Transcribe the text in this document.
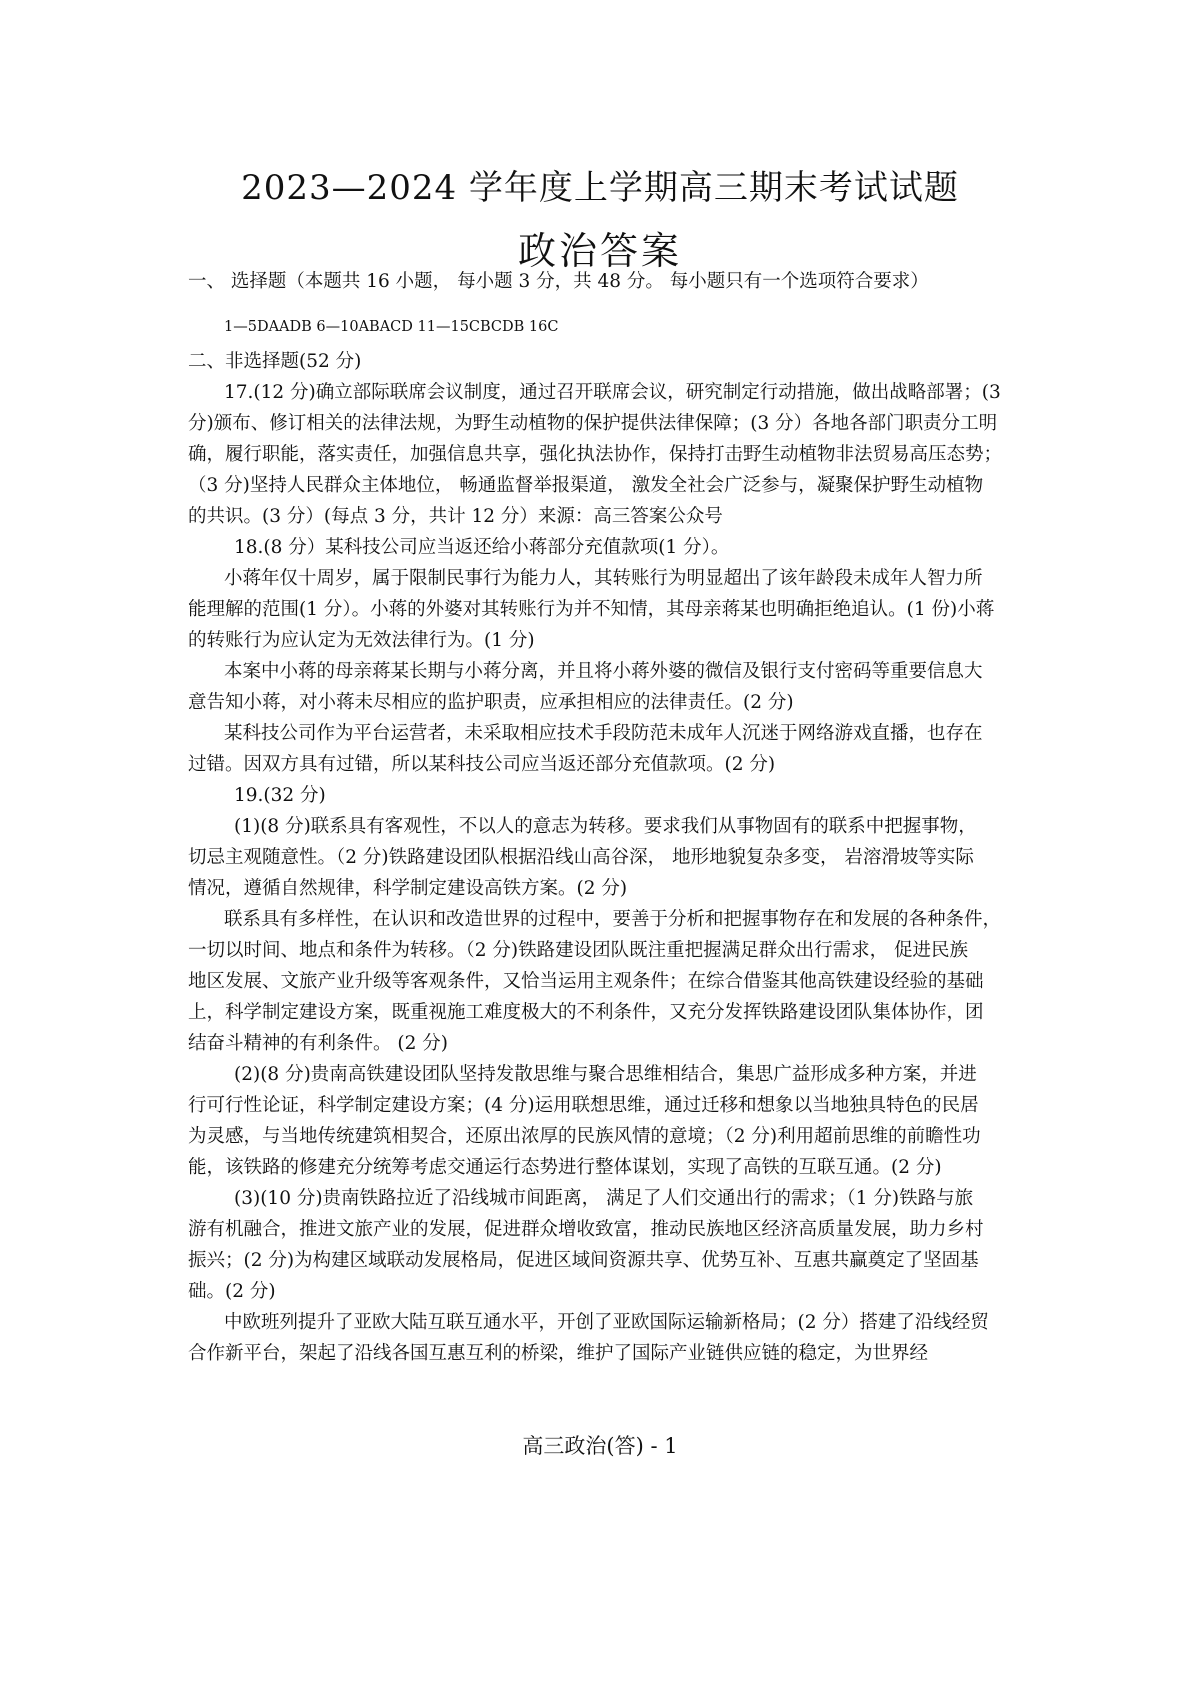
2023—2024 学年度上学期高三期末考试试题
政治答案
一、 选择题（本题共 16 小题， 每小题 3 分，共 48 分。 每小题只有一个选项符合要求）
1—5DAADB 6—10ABACD 11—15CBCDB 16C
二、非选择题(52 分)
17.(12 分)确立部际联席会议制度，通过召开联席会议，研究制定行动措施，做出战略部署；(3
分)颁布、修订相关的法律法规，为野生动植物的保护提供法律保障；(3 分）各地各部门职责分工明
确，履行职能，落实责任，加强信息共享，强化执法协作，保持打击野生动植物非法贸易高压态势；
（3 分)坚持人民群众主体地位， 畅通监督举报渠道， 激发全社会广泛参与，凝聚保护野生动植物
的共识。(3 分）(每点 3 分，共计 12 分）来源：高三答案公众号
18.(8 分）某科技公司应当返还给小蒋部分充值款项(1 分）。
小蒋年仅十周岁，属于限制民事行为能力人，其转账行为明显超出了该年龄段未成年人智力所
能理解的范围(1 分）。小蒋的外婆对其转账行为并不知情，其母亲蒋某也明确拒绝追认。(1 份)小蒋
的转账行为应认定为无效法律行为。(1 分)
本案中小蒋的母亲蒋某长期与小蒋分离，并且将小蒋外婆的微信及银行支付密码等重要信息大
意告知小蒋，对小蒋未尽相应的监护职责，应承担相应的法律责任。(2 分)
某科技公司作为平台运营者，未采取相应技术手段防范未成年人沉迷于网络游戏直播，也存在
过错。因双方具有过错，所以某科技公司应当返还部分充值款项。(2 分)
19.(32 分)
(1)(8 分)联系具有客观性，不以人的意志为转移。要求我们从事物固有的联系中把握事物，
切忌主观随意性。（2 分)铁路建设团队根据沿线山高谷深， 地形地貌复杂多变， 岩溶滑坡等实际
情况，遵循自然规律，科学制定建设高铁方案。(2 分)
联系具有多样性，在认识和改造世界的过程中，要善于分析和把握事物存在和发展的各种条件，
一切以时间、地点和条件为转移。（2 分)铁路建设团队既注重把握满足群众出行需求， 促进民族
地区发展、文旅产业升级等客观条件，又恰当运用主观条件；在综合借鉴其他高铁建设经验的基础
上，科学制定建设方案，既重视施工难度极大的不利条件，又充分发挥铁路建设团队集体协作，团
结奋斗精神的有利条件。 (2 分)
(2)(8 分)贵南高铁建设团队坚持发散思维与聚合思维相结合，集思广益形成多种方案，并进
行可行性论证，科学制定建设方案；(4 分)运用联想思维，通过迁移和想象以当地独具特色的民居
为灵感，与当地传统建筑相契合，还原出浓厚的民族风情的意境；（2 分)利用超前思维的前瞻性功
能，该铁路的修建充分统筹考虑交通运行态势进行整体谋划，实现了高铁的互联互通。(2 分)
(3)(10 分)贵南铁路拉近了沿线城市间距离， 满足了人们交通出行的需求；（1 分)铁路与旅
游有机融合，推进文旅产业的发展，促进群众增收致富，推动民族地区经济高质量发展，助力乡村
振兴；(2 分)为构建区域联动发展格局，促进区域间资源共享、优势互补、互惠共赢奠定了坚固基
础。(2 分)
中欧班列提升了亚欧大陆互联互通水平，开创了亚欧国际运输新格局；(2 分）搭建了沿线经贸
合作新平台，架起了沿线各国互惠互利的桥梁，维护了国际产业链供应链的稳定，为世界经
高三政治(答) - 1
